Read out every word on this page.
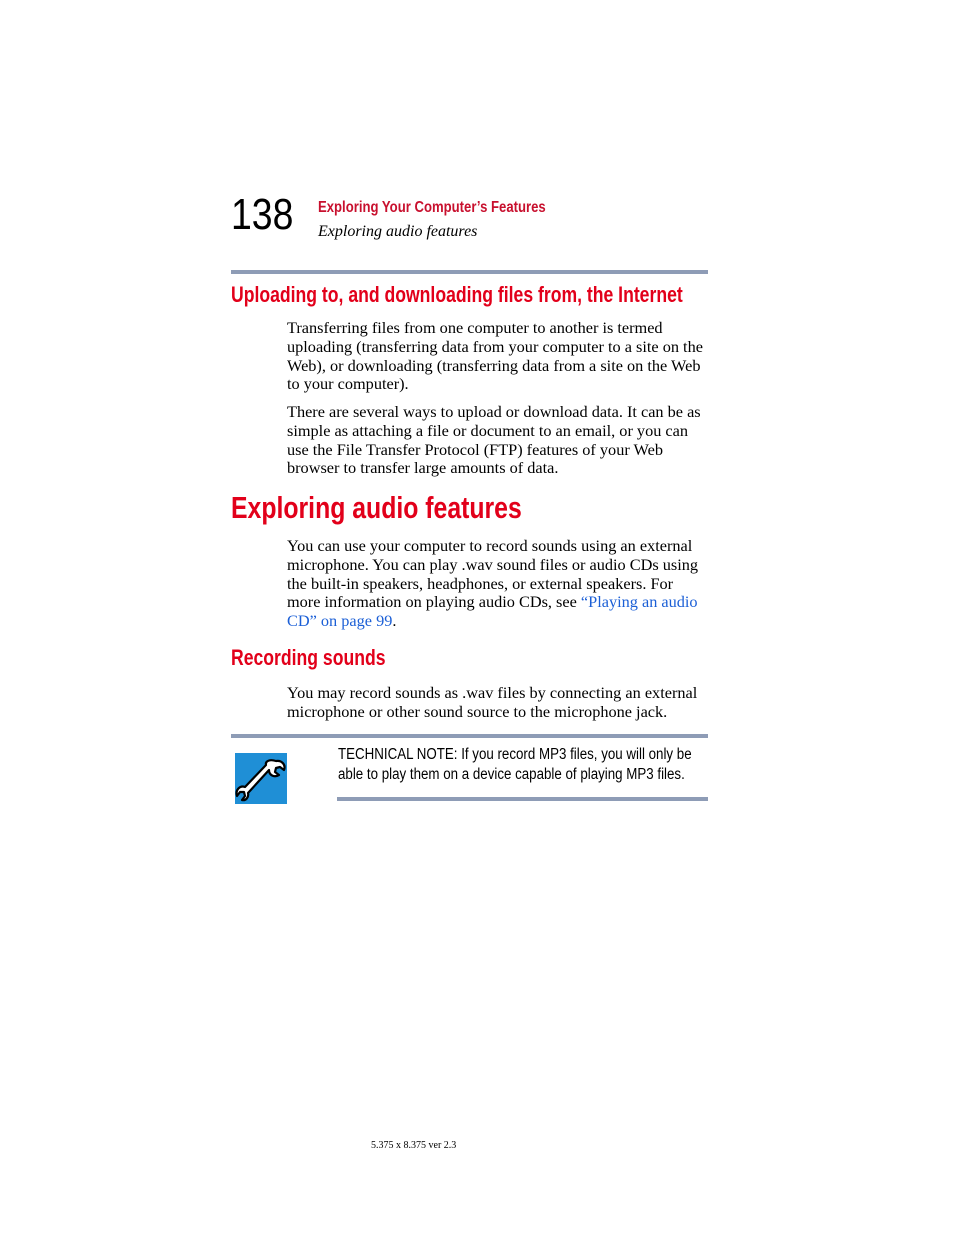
138 Exploring Your Computer’s Features
Exploring audio features
Uploading to, and downloading files from, the Internet

Transferring files from one computer to another is termed uploading (transferring data from your computer to a site on the Web), or downloading (transferring data from a site on the Web to your computer).

There are several ways to upload or download data. It can be as simple as attaching a file or document to an email, or you can use the File Transfer Protocol (FTP) features of your Web browser to transfer large amounts of data.

Exploring audio features

You can use your computer to record sounds using an external microphone. You can play .wav sound files or audio CDs using the built-in speakers, headphones, or external speakers. For more information on playing audio CDs, see “Playing an audio CD” on page 99.

Recording sounds

You may record sounds as .wav files by connecting an external microphone or other sound source to the microphone jack.

TECHNICAL NOTE: If you record MP3 files, you will only be able to play them on a device capable of playing MP3 files.
5.375 x 8.375 ver 2.3
